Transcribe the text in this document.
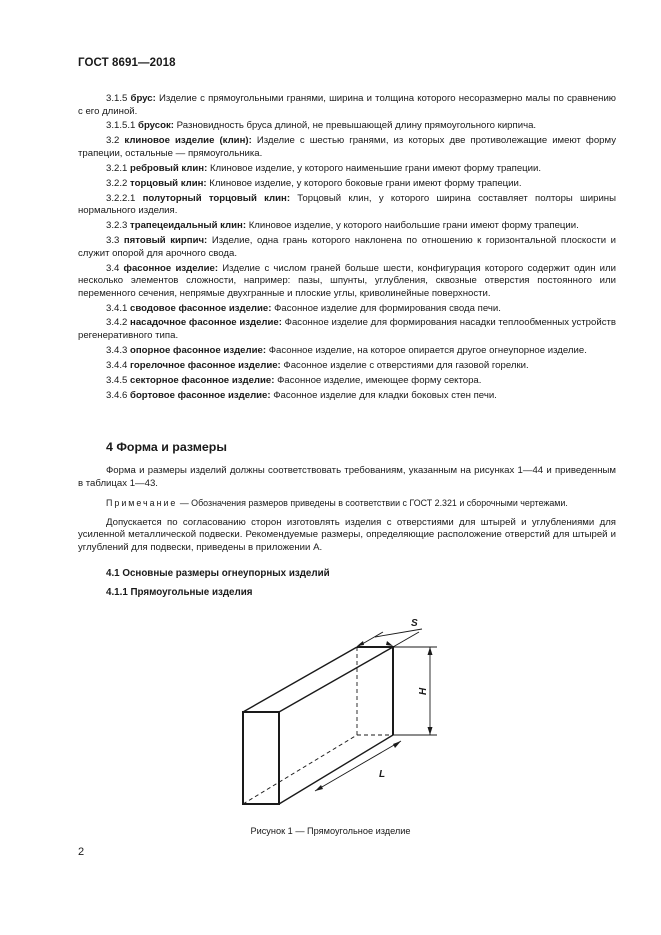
ГОСТ 8691—2018

3.1.5 брус: Изделие с прямоугольными гранями, ширина и толщина которого несоразмерно малы по сравнению с его длиной.

3.1.5.1 брусок: Разновидность бруса длиной, не превышающей длину прямоугольного кирпича.

3.2 клиновое изделие (клин): Изделие с шестью гранями, из которых две противолежащие имеют форму трапеции, остальные — прямоугольника.

3.2.1 ребровый клин: Клиновое изделие, у которого наименьшие грани имеют форму трапеции.

3.2.2 торцовый клин: Клиновое изделие, у которого боковые грани имеют форму трапеции.

3.2.2.1 полуторный торцовый клин: Торцовый клин, у которого ширина составляет полторы ширины нормального изделия.

3.2.3 трапецеидальный клин: Клиновое изделие, у которого наибольшие грани имеют форму трапеции.

3.3 пятовый кирпич: Изделие, одна грань которого наклонена по отношению к горизонтальной плоскости и служит опорой для арочного свода.

3.4 фасонное изделие: Изделие с числом граней больше шести, конфигурация которого содержит один или несколько элементов сложности, например: пазы, шпунты, углубления, сквозные отверстия постоянного или переменного сечения, непрямые двухгранные и плоские углы, криволинейные поверхности.

3.4.1 сводовое фасонное изделие: Фасонное изделие для формирования свода печи.

3.4.2 насадочное фасонное изделие: Фасонное изделие для формирования насадки теплообменных устройств регенеративного типа.

3.4.3 опорное фасонное изделие: Фасонное изделие, на которое опирается другое огнеупорное изделие.

3.4.4 горелочное фасонное изделие: Фасонное изделие с отверстиями для газовой горелки.

3.4.5 секторное фасонное изделие: Фасонное изделие, имеющее форму сектора.

3.4.6 бортовое фасонное изделие: Фасонное изделие для кладки боковых стен печи.

4 Форма и размеры

Форма и размеры изделий должны соответствовать требованиям, указанным на рисунках 1—44 и приведенным в таблицах 1—43.

Примечание — Обозначения размеров приведены в соответствии с ГОСТ 2.321 и сборочными чертежами.

Допускается по согласованию сторон изготовлять изделия с отверстиями для штырей и углублениями для усиленной металлической подвески. Рекомендуемые размеры, определяющие расположение отверстий для штырей и углублений для подвески, приведены в приложении А.

4.1 Основные размеры огнеупорных изделий
4.1.1 Прямоугольные изделия
S
H
L
Рисунок 1 — Прямоугольное изделие
2
